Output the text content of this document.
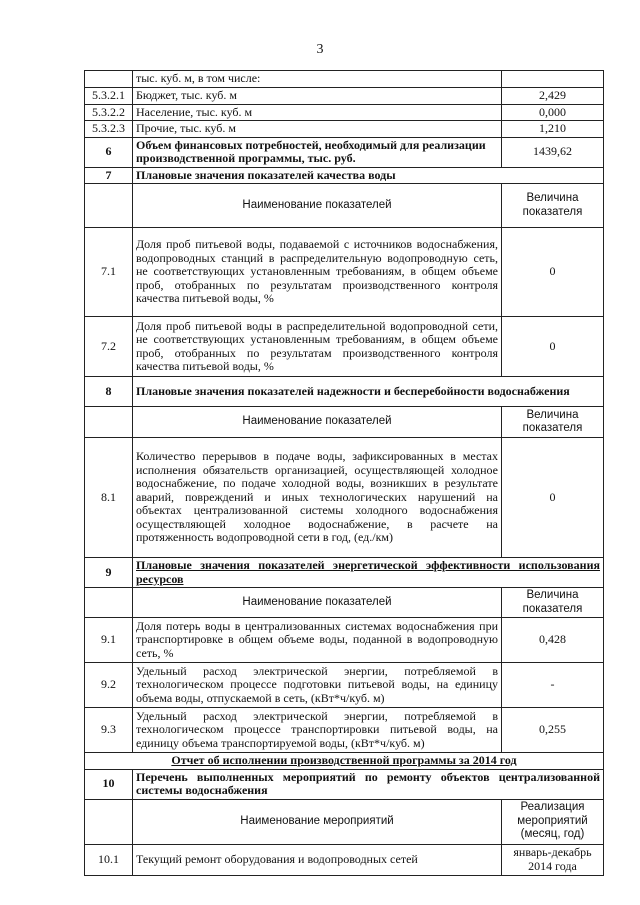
3
	тыс. куб. м, в том числе:	
5.3.2.1	Бюджет, тыс. куб. м	2,429
5.3.2.2	Население, тыс. куб. м	0,000
5.3.2.3	Прочие, тыс. куб. м	1,210
6	Объем финансовых потребностей, необходимый для реализации производственной программы, тыс. руб.	1439,62
7	Плановые значения показателей качества воды	
	Наименование показателей	Величина показателя
7.1	Доля проб питьевой воды, подаваемой с источников водоснабжения, водопроводных станций в распределительную водопроводную сеть, не соответствующих установленным требованиям, в общем объеме проб, отобранных по результатам производственного контроля качества питьевой воды, %	0
7.2	Доля проб питьевой воды в распределительной водопроводной сети, не соответствующих установленным требованиям, в общем объеме проб, отобранных по результатам производственного контроля качества питьевой воды, %	0
8	Плановые значения показателей надежности и бесперебойности водоснабжения	
	Наименование показателей	Величина показателя
8.1	Количество перерывов в подаче воды, зафиксированных в местах исполнения обязательств организацией, осуществляющей холодное водоснабжение, по подаче холодной воды, возникших в результате аварий, повреждений и иных технологических нарушений на объектах централизованной системы холодного водоснабжения осуществляющей холодное водоснабжение, в расчете на протяженность водопроводной сети в год, (ед./км)	0
9	Плановые значения показателей энергетической эффективности использования ресурсов	
	Наименование показателей	Величина показателя
9.1	Доля потерь воды в централизованных системах водоснабжения при транспортировке в общем объеме воды, поданной в водопроводную сеть, %	0,428
9.2	Удельный расход электрической энергии, потребляемой в технологическом процессе подготовки питьевой воды, на единицу объема воды, отпускаемой в сеть, (кВт*ч/куб. м)	-
9.3	Удельный расход электрической энергии, потребляемой в технологическом процессе транспортировки питьевой воды, на единицу объема транспортируемой воды, (кВт*ч/куб. м)	0,255
Отчет об исполнении производственной программы за 2014 год		
10	Перечень выполненных мероприятий по ремонту объектов централизованной системы водоснабжения	
	Наименование мероприятий	Реализация мероприятий (месяц, год)
10.1	Текущий ремонт оборудования и водопроводных сетей	январь-декабрь 2014 года
